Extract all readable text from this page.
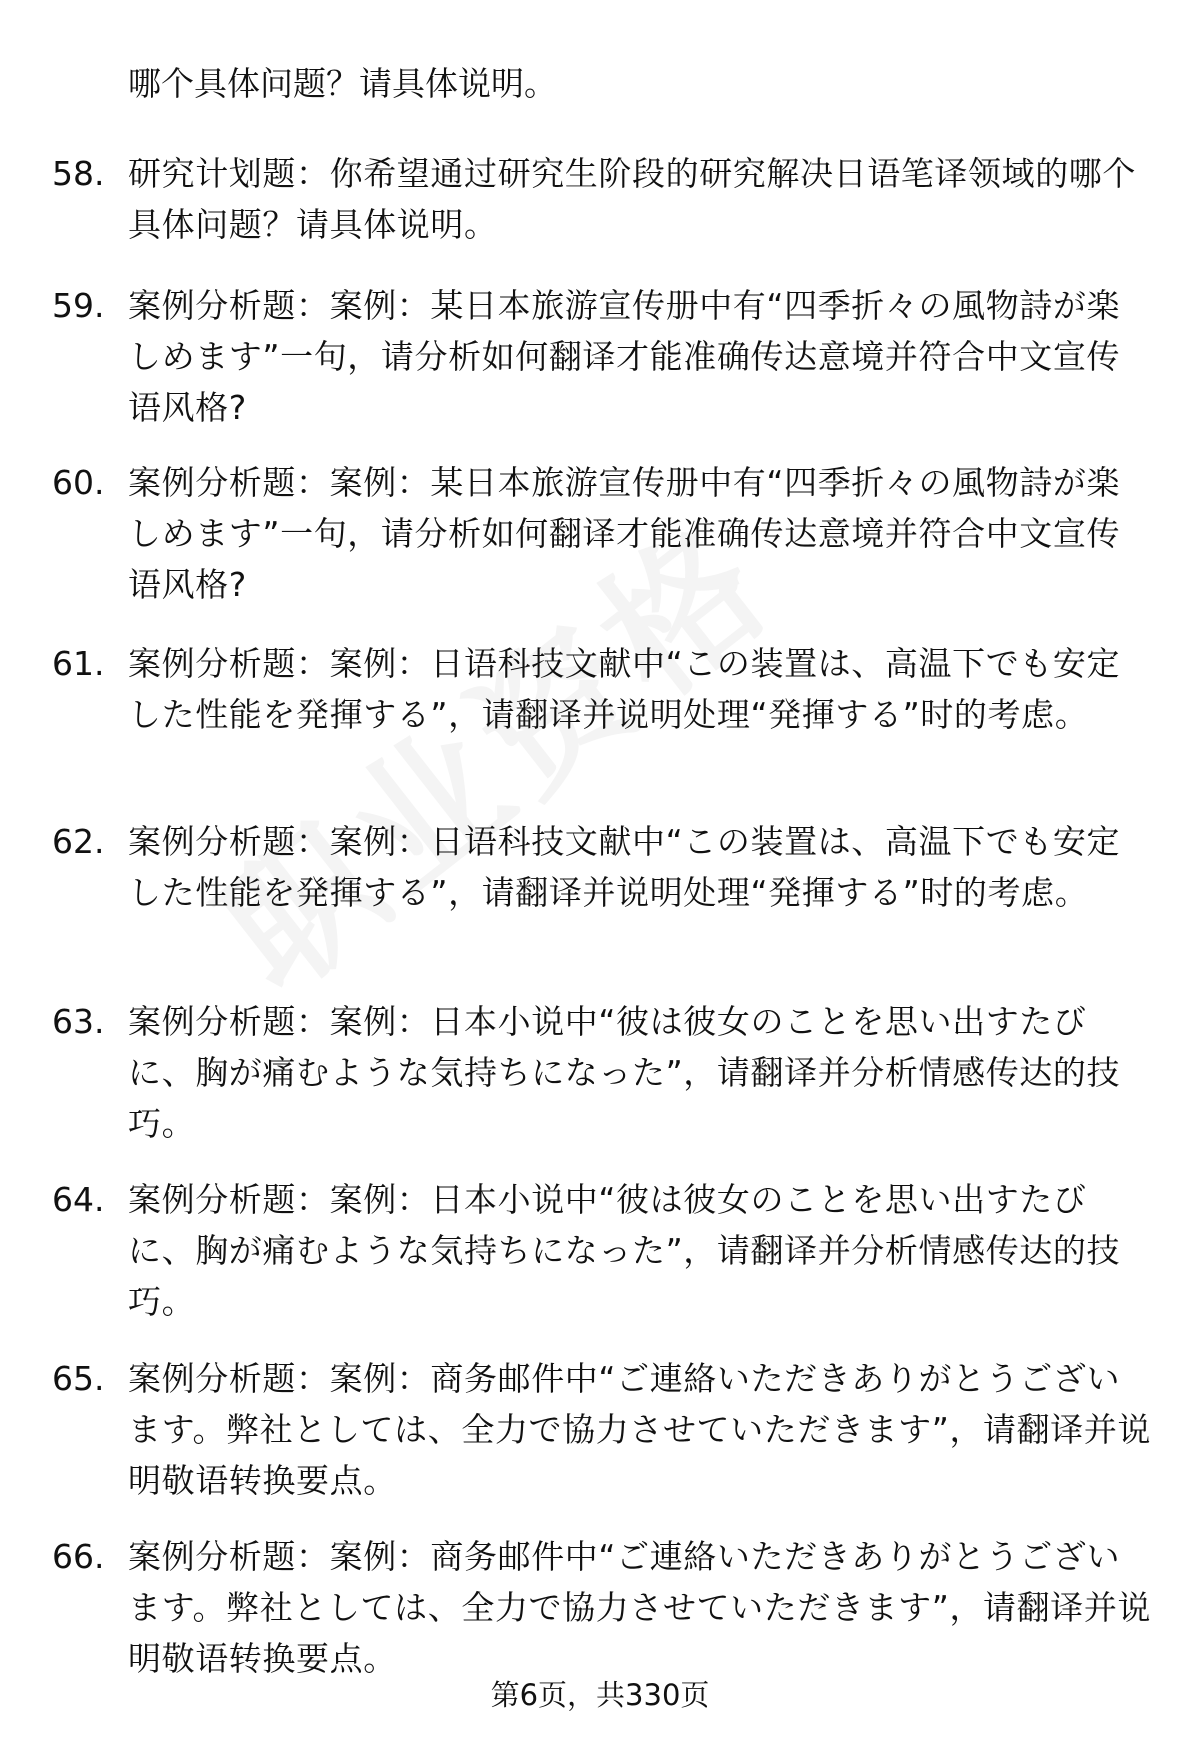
哪个具体问题？请具体说明。

58. 研究计划题：你希望通过研究生阶段的研究解决日语笔译领域的哪个具体问题？请具体说明。
59. 案例分析题：案例：某日本旅游宣传册中有“四季折々の風物詩が楽しめます”一句，请分析如何翻译才能准确传达意境并符合中文宣传语风格?
60. 案例分析题：案例：某日本旅游宣传册中有“四季折々の風物詩が楽しめます”一句，请分析如何翻译才能准确传达意境并符合中文宣传语风格?
61. 案例分析题：案例：日语科技文献中“この装置は、高温下でも安定した性能を発揮する”，请翻译并说明处理“発揮する”时的考虑。
62. 案例分析题：案例：日语科技文献中“この装置は、高温下でも安定した性能を発揮する”，请翻译并说明处理“発揮する”时的考虑。
63. 案例分析题：案例：日本小说中“彼は彼女のことを思い出すたびに、胸が痛むような気持ちになった”，请翻译并分析情感传达的技巧。
64. 案例分析题：案例：日本小说中“彼は彼女のことを思い出すたびに、胸が痛むような気持ちになった”，请翻译并分析情感传达的技巧。
65. 案例分析题：案例：商务邮件中“ご連絡いただきありがとうございます。弊社としては、全力で協力させていただきます”，请翻译并说明敬语转换要点。
66. 案例分析题：案例：商务邮件中“ご連絡いただきありがとうございます。弊社としては、全力で協力させていただきます”，请翻译并说明敬语转换要点。
第6页，共330页
